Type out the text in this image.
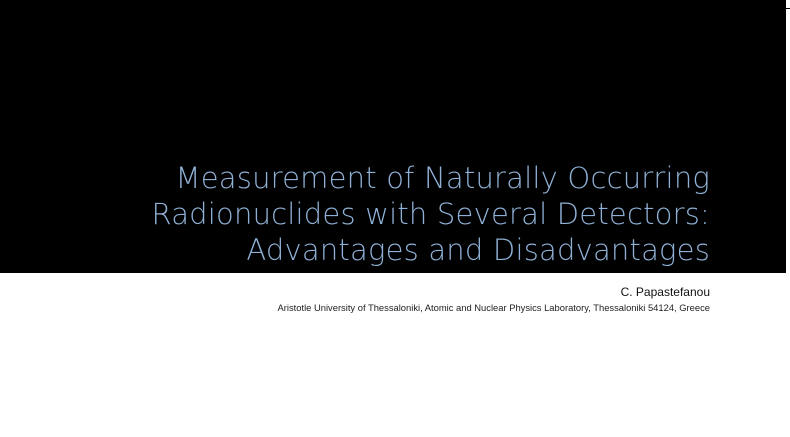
Measurement of Naturally Occurring
Radionuclides with Several Detectors:
Advantages and Disadvantages
C. Papastefanou
Aristotle University of Thessaloniki, Atomic and Nuclear Physics Laboratory, Thessaloniki 54124, Greece
